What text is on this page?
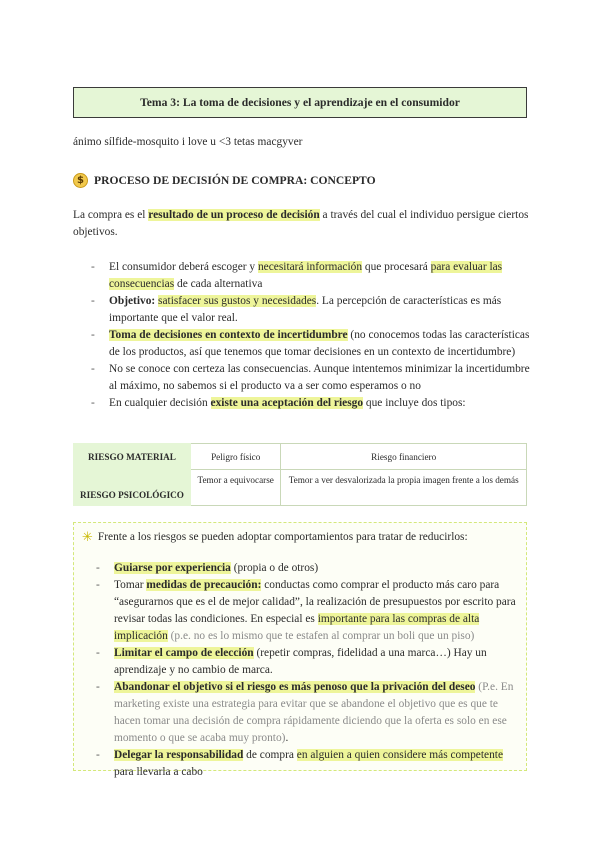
Tema 3: La toma de decisiones y el aprendizaje en el consumidor
ánimo sílfide-mosquito i love u <3 tetas macgyver
$ PROCESO DE DECISIÓN DE COMPRA: CONCEPTO
La compra es el resultado de un proceso de decisión a través del cual el individuo persigue ciertos objetivos.
- El consumidor deberá escoger y necesitará información que procesará para evaluar las consecuencias de cada alternativa
- Objetivo: satisfacer sus gustos y necesidades. La percepción de características es más importante que el valor real.
- Toma de decisiones en contexto de incertidumbre (no conocemos todas las características de los productos, así que tenemos que tomar decisiones en un contexto de incertidumbre)
- No se conoce con certeza las consecuencias. Aunque intentemos minimizar la incertidumbre al máximo, no sabemos si el producto va a ser como esperamos o no
- En cualquier decisión existe una aceptación del riesgo que incluye dos tipos:
RIESGO MATERIAL	Peligro físico	Riesgo financiero
RIESGO PSICOLÓGICO	Temor a equivocarse	Temor a ver desvalorizada la propia imagen frente a los demás
✳ Frente a los riesgos se pueden adoptar comportamientos para tratar de reducirlos:
- Guiarse por experiencia (propia o de otros)
- Tomar medidas de precaución: conductas como comprar el producto más caro para “asegurarnos que es el de mejor calidad”, la realización de presupuestos por escrito para revisar todas las condiciones. En especial es importante para las compras de alta implicación (p.e. no es lo mismo que te estafen al comprar un boli que un piso)
- Limitar el campo de elección (repetir compras, fidelidad a una marca…) Hay un aprendizaje y no cambio de marca.
- Abandonar el objetivo si el riesgo es más penoso que la privación del deseo (P.e. En marketing existe una estrategia para evitar que se abandone el objetivo que es que te hacen tomar una decisión de compra rápidamente diciendo que la oferta es solo en ese momento o que se acaba muy pronto).
- Delegar la responsabilidad de compra en alguien a quien considere más competente para llevarla a cabo
